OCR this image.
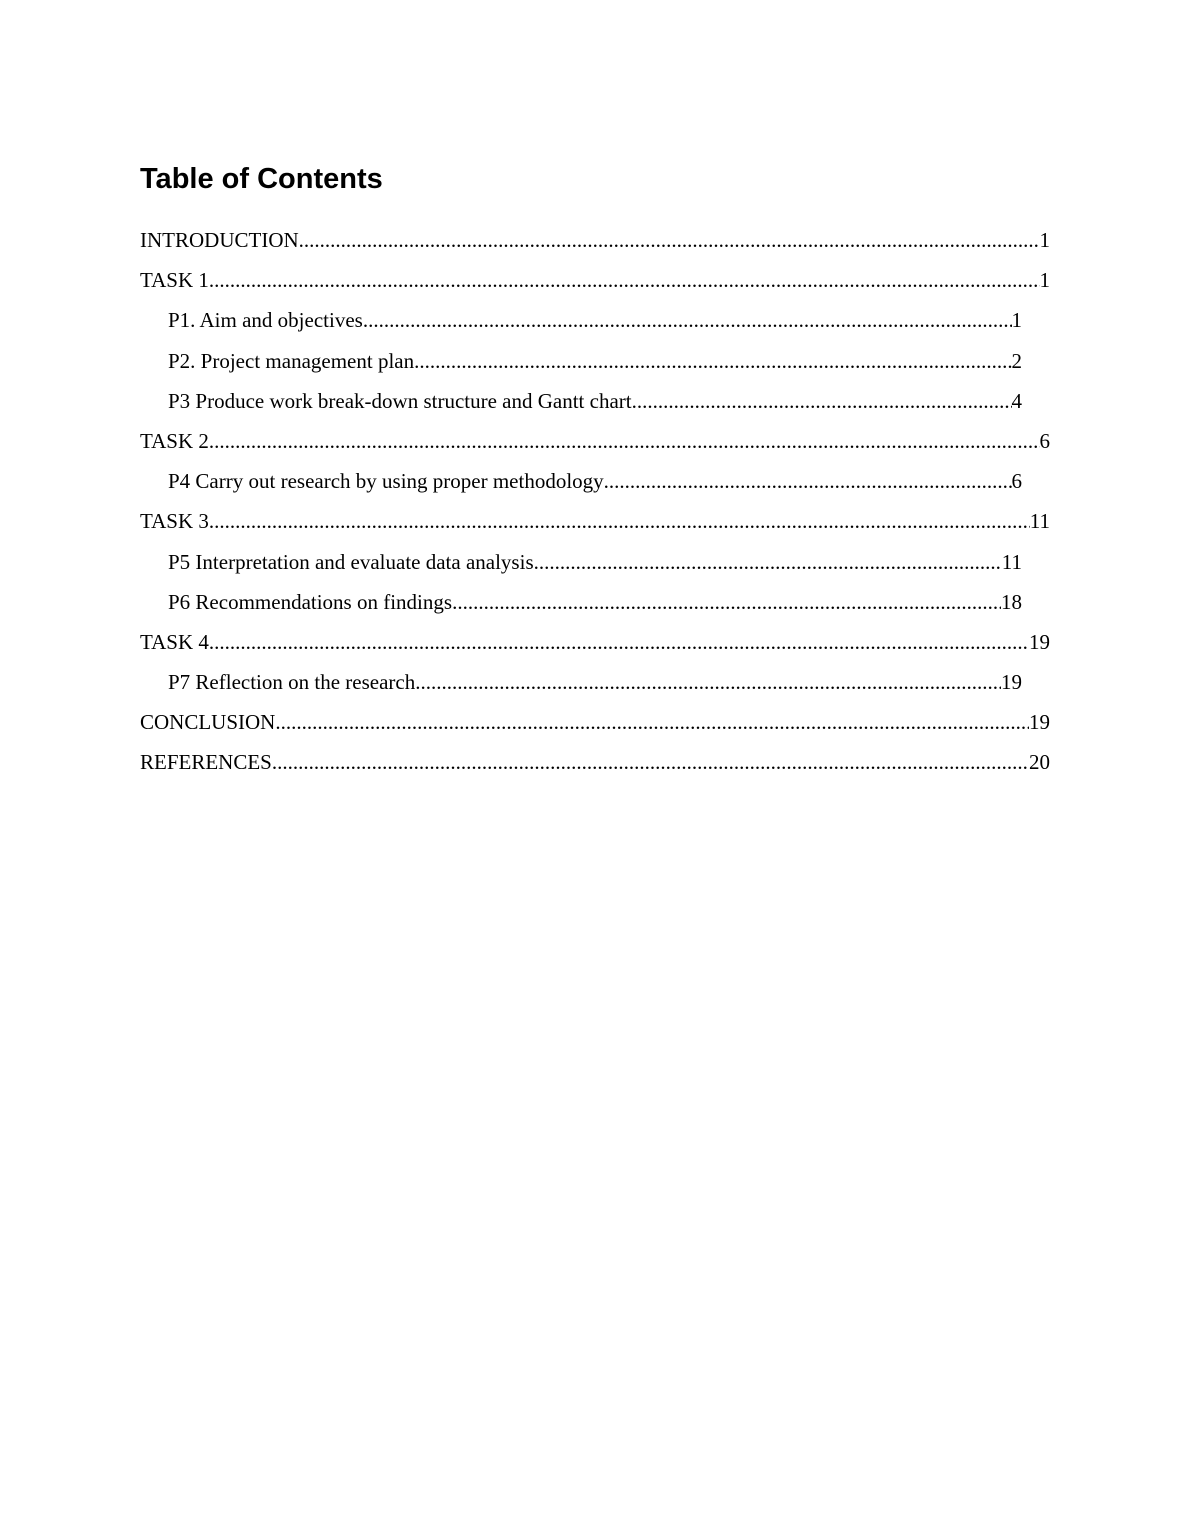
Table of Contents
INTRODUCTION .....	1
TASK 1 .....	1
P1. Aim and objectives .....	1
P2. Project management plan .....	2
P3 Produce work break-down structure and Gantt chart .....	4
TASK 2 .....	6
P4 Carry out research by using proper methodology .....	6
TASK 3 .....	11
P5 Interpretation and evaluate data analysis .....	11
P6 Recommendations on findings .....	18
TASK 4 .....	19
P7 Reflection on the research .....	19
CONCLUSION .....	19
REFERENCES .....	20
